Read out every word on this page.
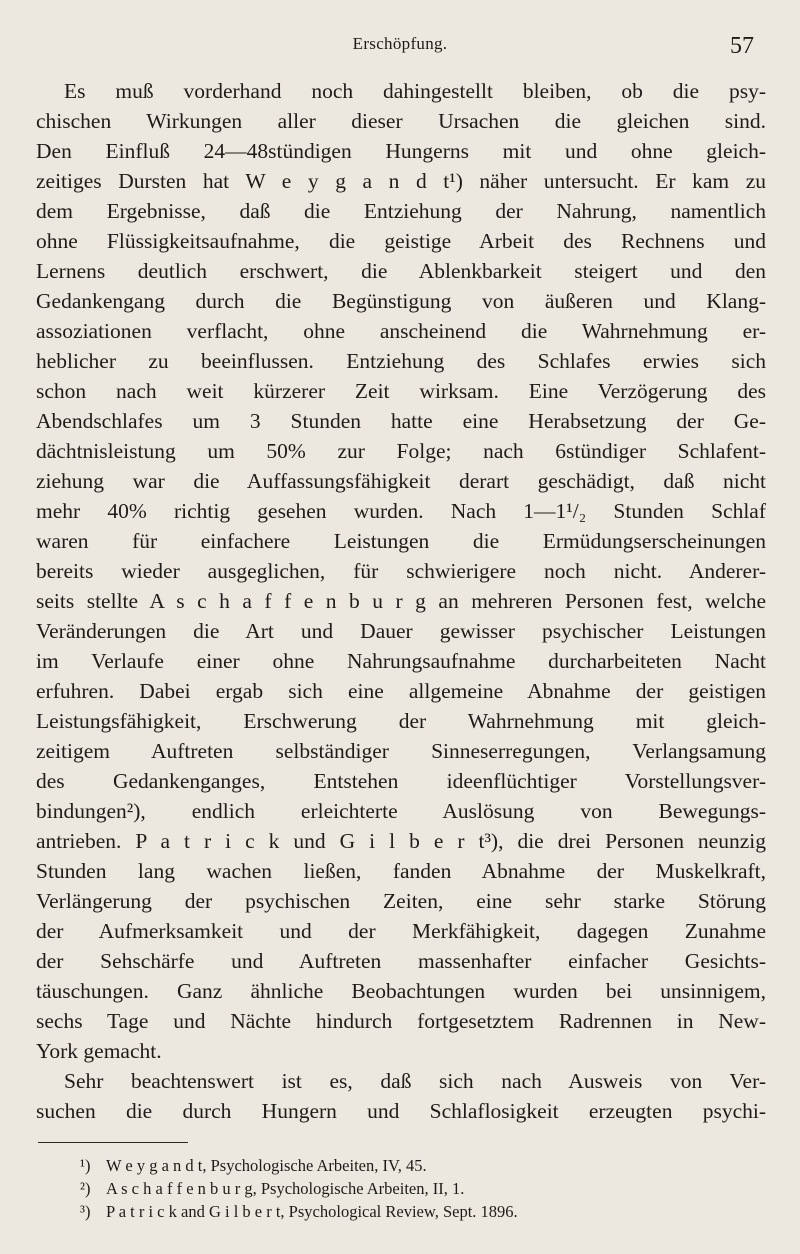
Erschöpfung.	57
Es muß vorderhand noch dahingestellt bleiben, ob die psy-
chischen Wirkungen aller dieser Ursachen die gleichen sind.
Den Einfluß 24—48stündigen Hungerns mit und ohne gleich-
zeitiges Dursten hat W e y g a n d t¹) näher untersucht. Er kam zu
dem Ergebnisse, daß die Entziehung der Nahrung, namentlich
ohne Flüssigkeitsaufnahme, die geistige Arbeit des Rechnens und
Lernens deutlich erschwert, die Ablenkbarkeit steigert und den
Gedankengang durch die Begünstigung von äußeren und Klang-
assoziationen verflacht, ohne anscheinend die Wahrnehmung er-
heblicher zu beeinflussen. Entziehung des Schlafes erwies sich
schon nach weit kürzerer Zeit wirksam. Eine Verzögerung des
Abendschlafes um 3 Stunden hatte eine Herabsetzung der Ge-
dächtnisleistung um 50% zur Folge; nach 6stündiger Schlafent-
ziehung war die Auffassungsfähigkeit derart geschädigt, daß nicht
mehr 40% richtig gesehen wurden. Nach 1—1¹/₂ Stunden Schlaf
waren für einfachere Leistungen die Ermüdungserscheinungen
bereits wieder ausgeglichen, für schwierigere noch nicht. Anderer-
seits stellte A s c h a f f e n b u r g an mehreren Personen fest, welche
Veränderungen die Art und Dauer gewisser psychischer Leistungen
im Verlaufe einer ohne Nahrungsaufnahme durcharbeiteten Nacht
erfuhren. Dabei ergab sich eine allgemeine Abnahme der geistigen
Leistungsfähigkeit, Erschwerung der Wahrnehmung mit gleich-
zeitigem Auftreten selbständiger Sinneserregungen, Verlangsamung
des Gedankenganges, Entstehen ideenflüchtiger Vorstellungsver-
bindungen²), endlich erleichterte Auslösung von Bewegungs-
antrieben. P a t r i c k und G i l b e r t³), die drei Personen neunzig
Stunden lang wachen ließen, fanden Abnahme der Muskelkraft,
Verlängerung der psychischen Zeiten, eine sehr starke Störung
der Aufmerksamkeit und der Merkfähigkeit, dagegen Zunahme
der Sehschärfe und Auftreten massenhafter einfacher Gesichts-
täuschungen. Ganz ähnliche Beobachtungen wurden bei unsinnigem,
sechs Tage und Nächte hindurch fortgesetztem Radrennen in New-
York gemacht.
Sehr beachtenswert ist es, daß sich nach Ausweis von Ver-
suchen die durch Hungern und Schlaflosigkeit erzeugten psychi-
¹) W e y g a n d t, Psychologische Arbeiten, IV, 45.
²) A s c h a f f e n b u r g, Psychologische Arbeiten, II, 1.
³) P a t r i c k and G i l b e r t, Psychological Review, Sept. 1896.
